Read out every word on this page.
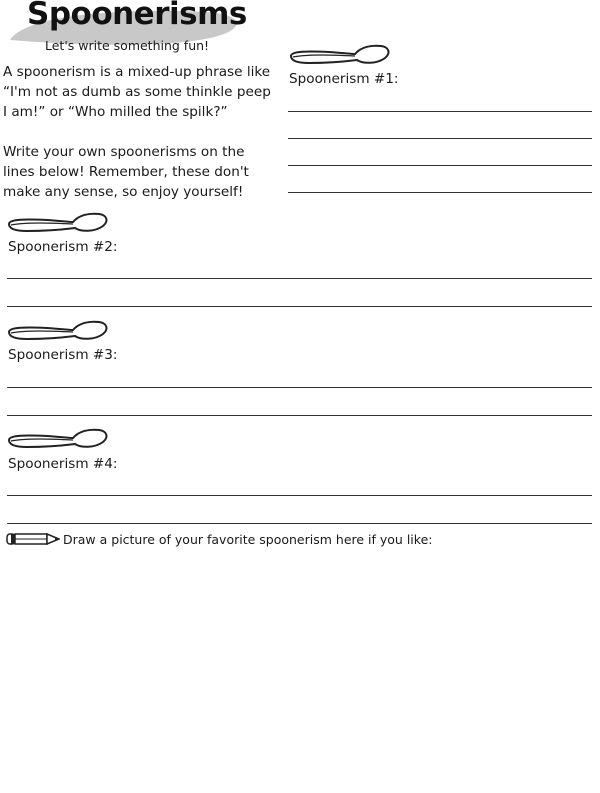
Spoonerisms
Let's write something fun!

A spoonerism is a mixed-up phrase like “I'm not as dumb as some thinkle peep I am!” or “Who milled the spilk?”

Write your own spoonerisms on the lines below! Remember, these don't make any sense, so enjoy yourself!

Spoonerism #1:
Spoonerism #2:
Spoonerism #3:
Spoonerism #4:
Draw a picture of your favorite spoonerism here if you like:
